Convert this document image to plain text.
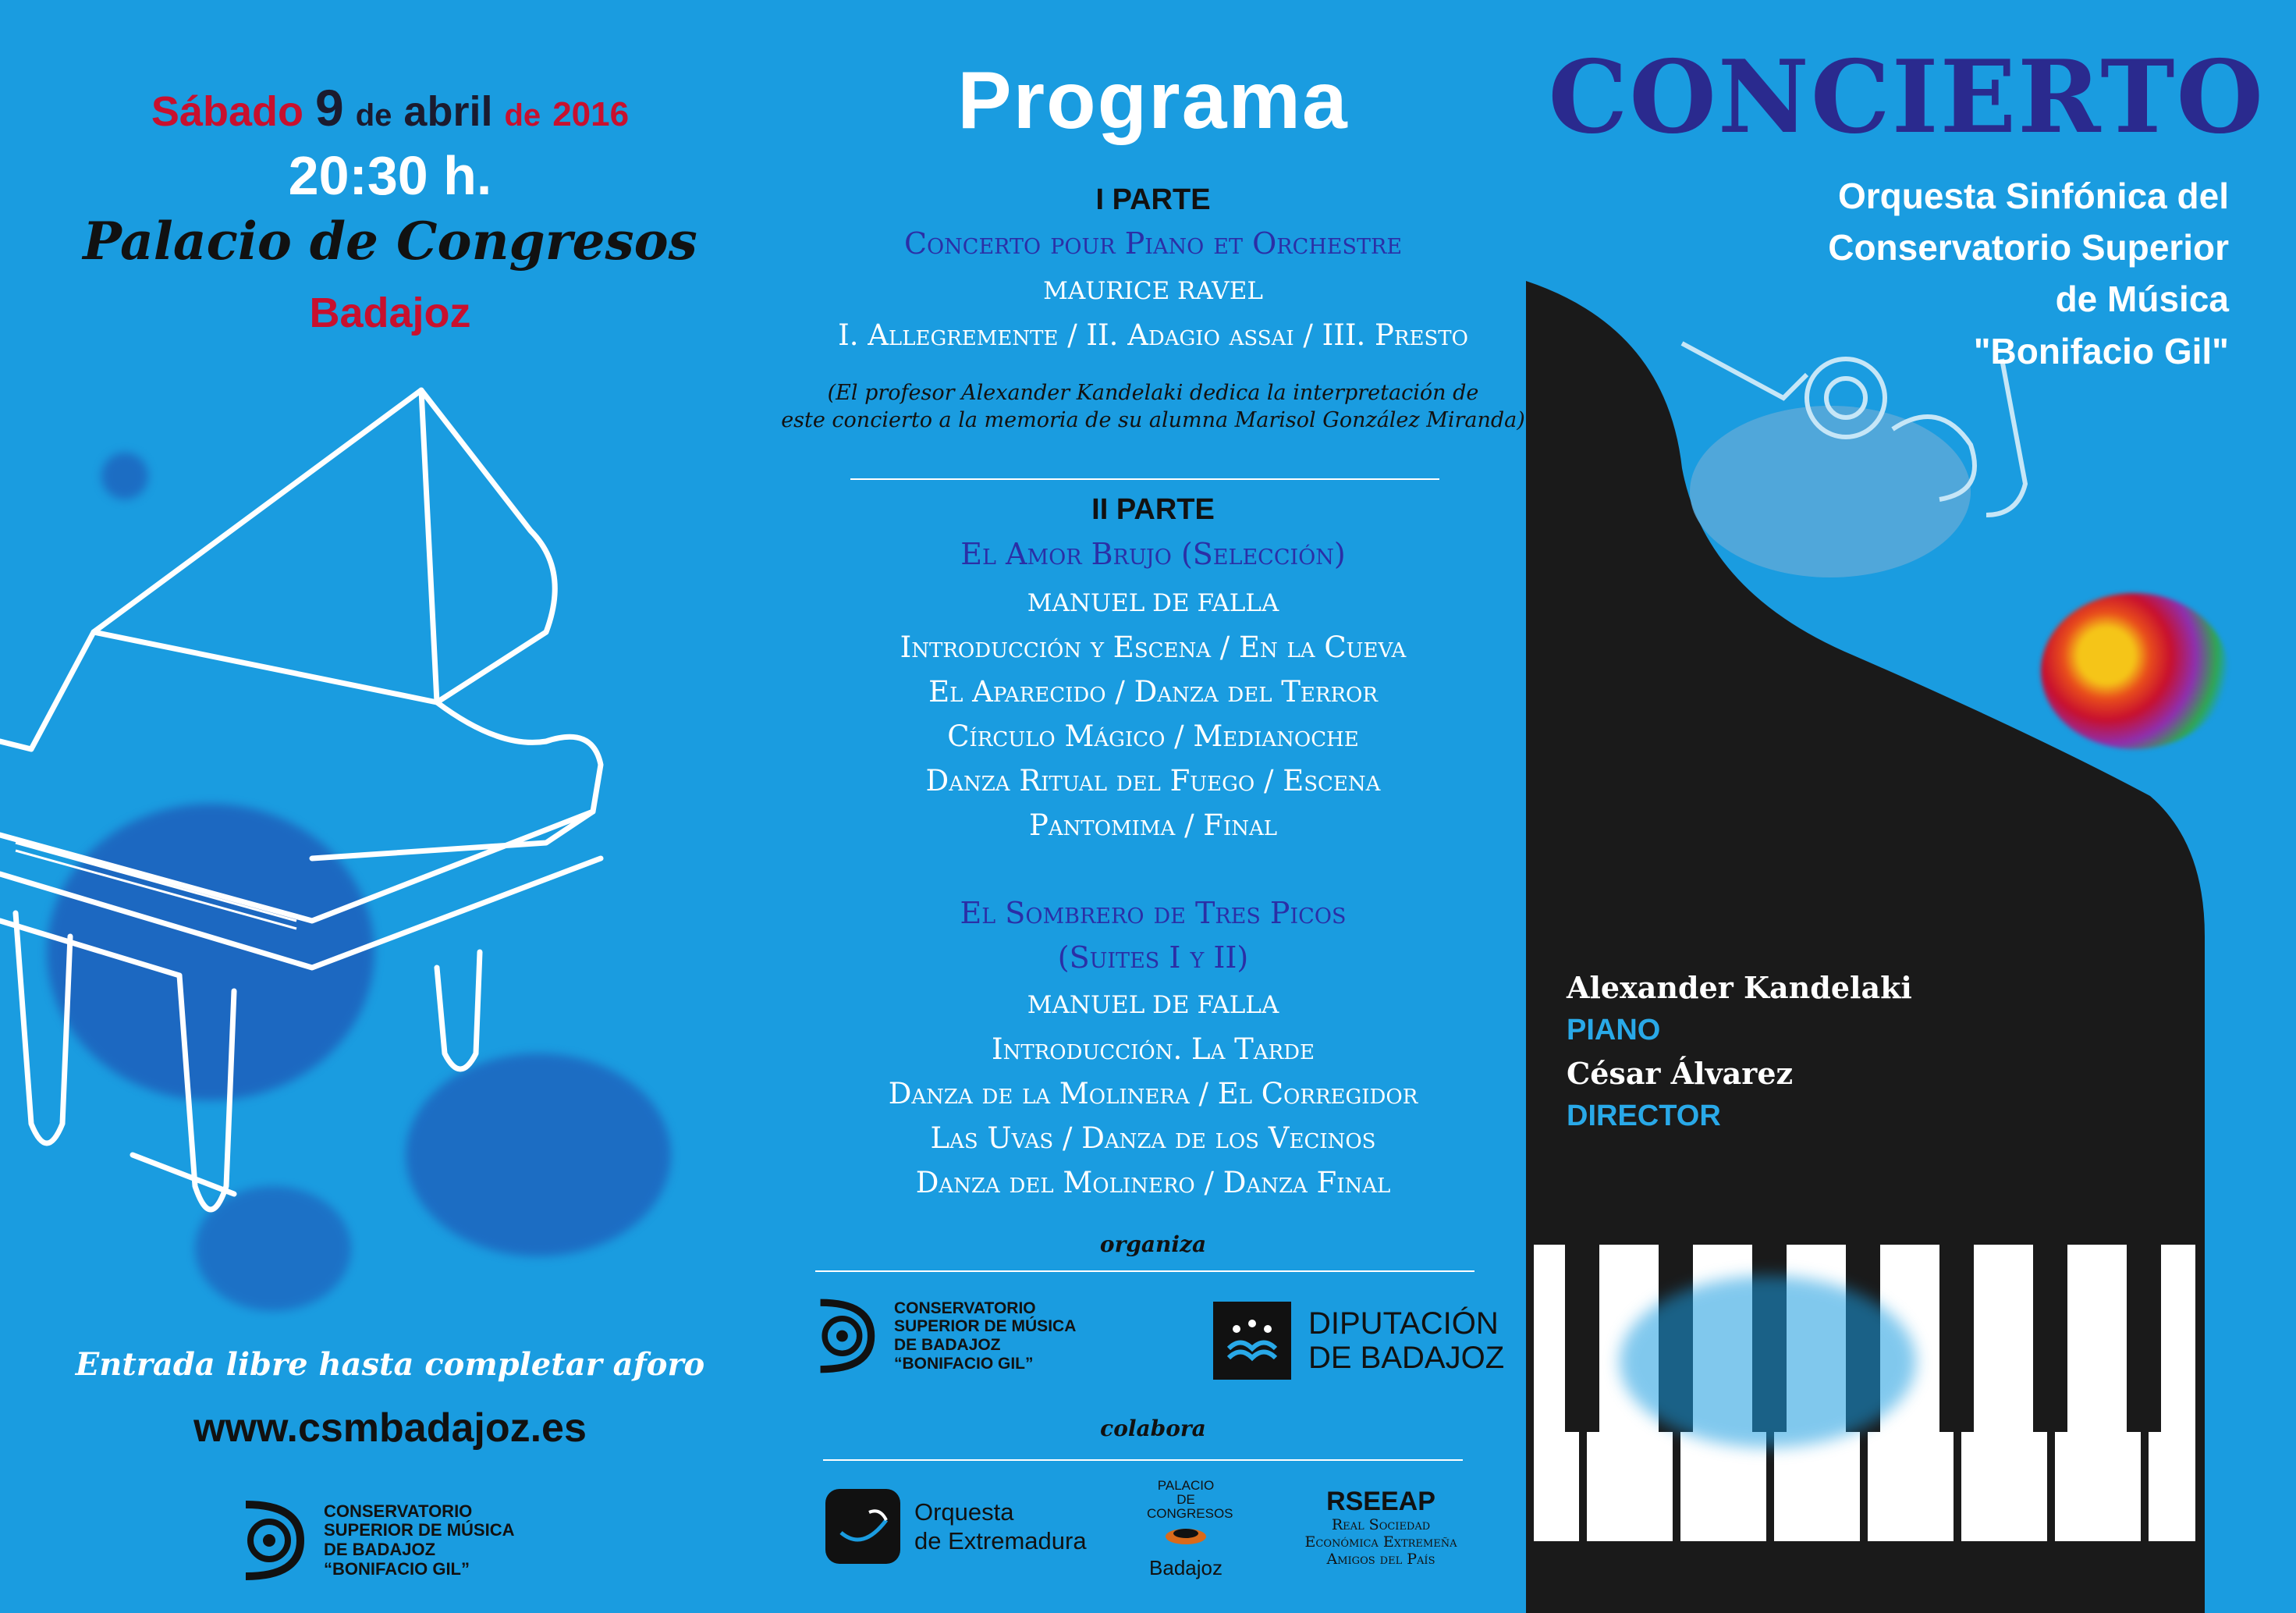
Sábado 9 de abril de 2016
20:30 h.
Palacio de Congresos
Badajoz
Entrada libre hasta completar aforo
www.csmbadajoz.es
CONSERVATORIO
SUPERIOR DE MÚSICA
DE BADAJOZ
“BONIFACIO GIL”
Programa
I PARTE
Concerto pour Piano et Orchestre
MAURICE RAVEL
I. Allegremente / II. Adagio assai / III. Presto
(El profesor Alexander Kandelaki dedica la interpretación de
este concierto a la memoria de su alumna Marisol González Miranda)
II PARTE
El Amor Brujo (Selección)
MANUEL DE FALLA
Introducción y Escena / En la Cueva
El Aparecido / Danza del Terror
Círculo Mágico / Medianoche
Danza Ritual del Fuego / Escena
Pantomima / Final
El Sombrero de Tres Picos
(Suites I y II)
MANUEL DE FALLA
Introducción. La Tarde
Danza de la Molinera / El Corregidor
Las Uvas / Danza de los Vecinos
Danza del Molinero / Danza Final
organiza
CONSERVATORIO
SUPERIOR DE MÚSICA
DE BADAJOZ
“BONIFACIO GIL”
DIPUTACIÓN
DE BADAJOZ
colabora
Orquesta
de Extremadura
PALACIO DE
CONGRESOS
Badajoz
RSEEAP
Real Sociedad
Económica Extremeña
Amigos del País
CONCIERTO
Orquesta Sinfónica del
Conservatorio Superior
de Música
"Bonifacio Gil"
Alexander Kandelaki
PIANO
César Álvarez
DIRECTOR
